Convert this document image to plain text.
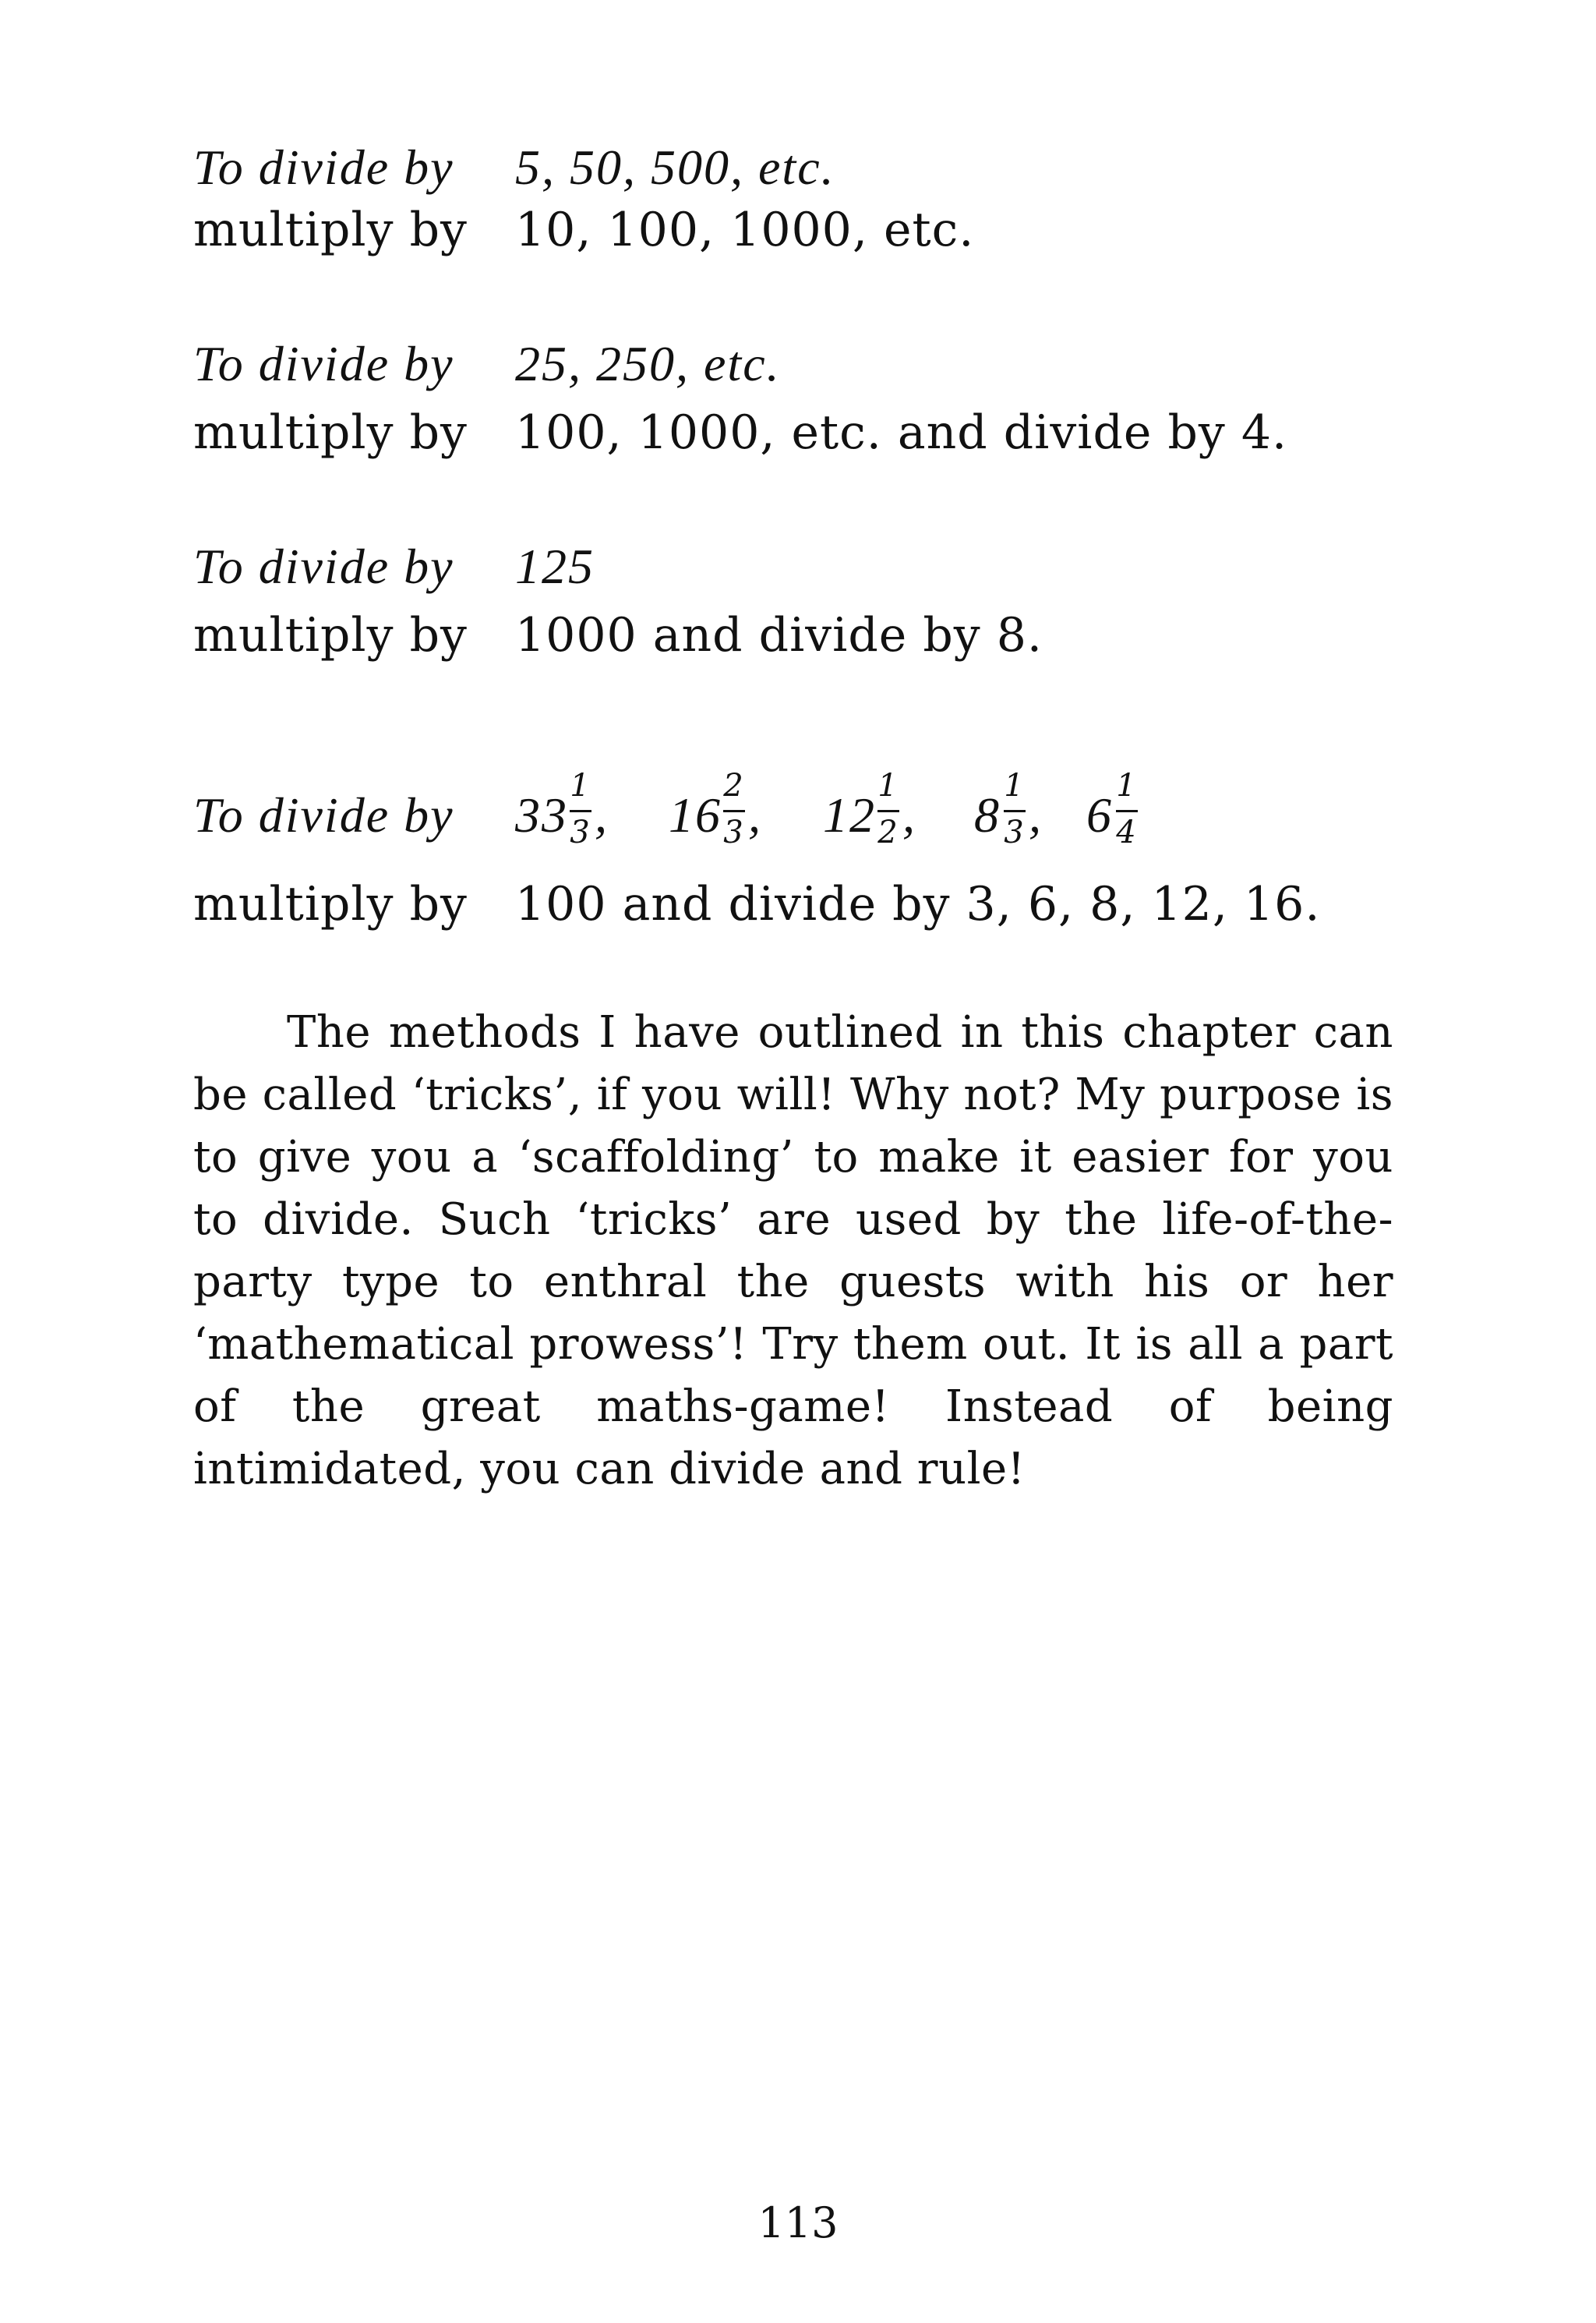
To divide by 5, 50, 500, etc.
multiply by 10, 100, 1000, etc.
To divide by 25, 250, etc.
multiply by 100, 1000, etc. and divide by 4.
To divide by 125
multiply by 1000 and divide by 8.
To divide by 33
1
3 , 16
2
3 , 12
1
2 , 8
1
3 , 6
1
4
multiply by 100 and divide by 3, 6, 8, 12, 16.

The methods I have outlined in this chapter can be called ‘tricks’, if you will! Why not? My purpose is to give you a ‘scaffolding’ to make it easier for you to divide. Such ‘tricks’ are used by the life-of-the-party type to enthral the guests with his or her ‘mathematical prowess’! Try them out. It is all a part of the great maths-game! Instead of being intimidated, you can divide and rule!

113
